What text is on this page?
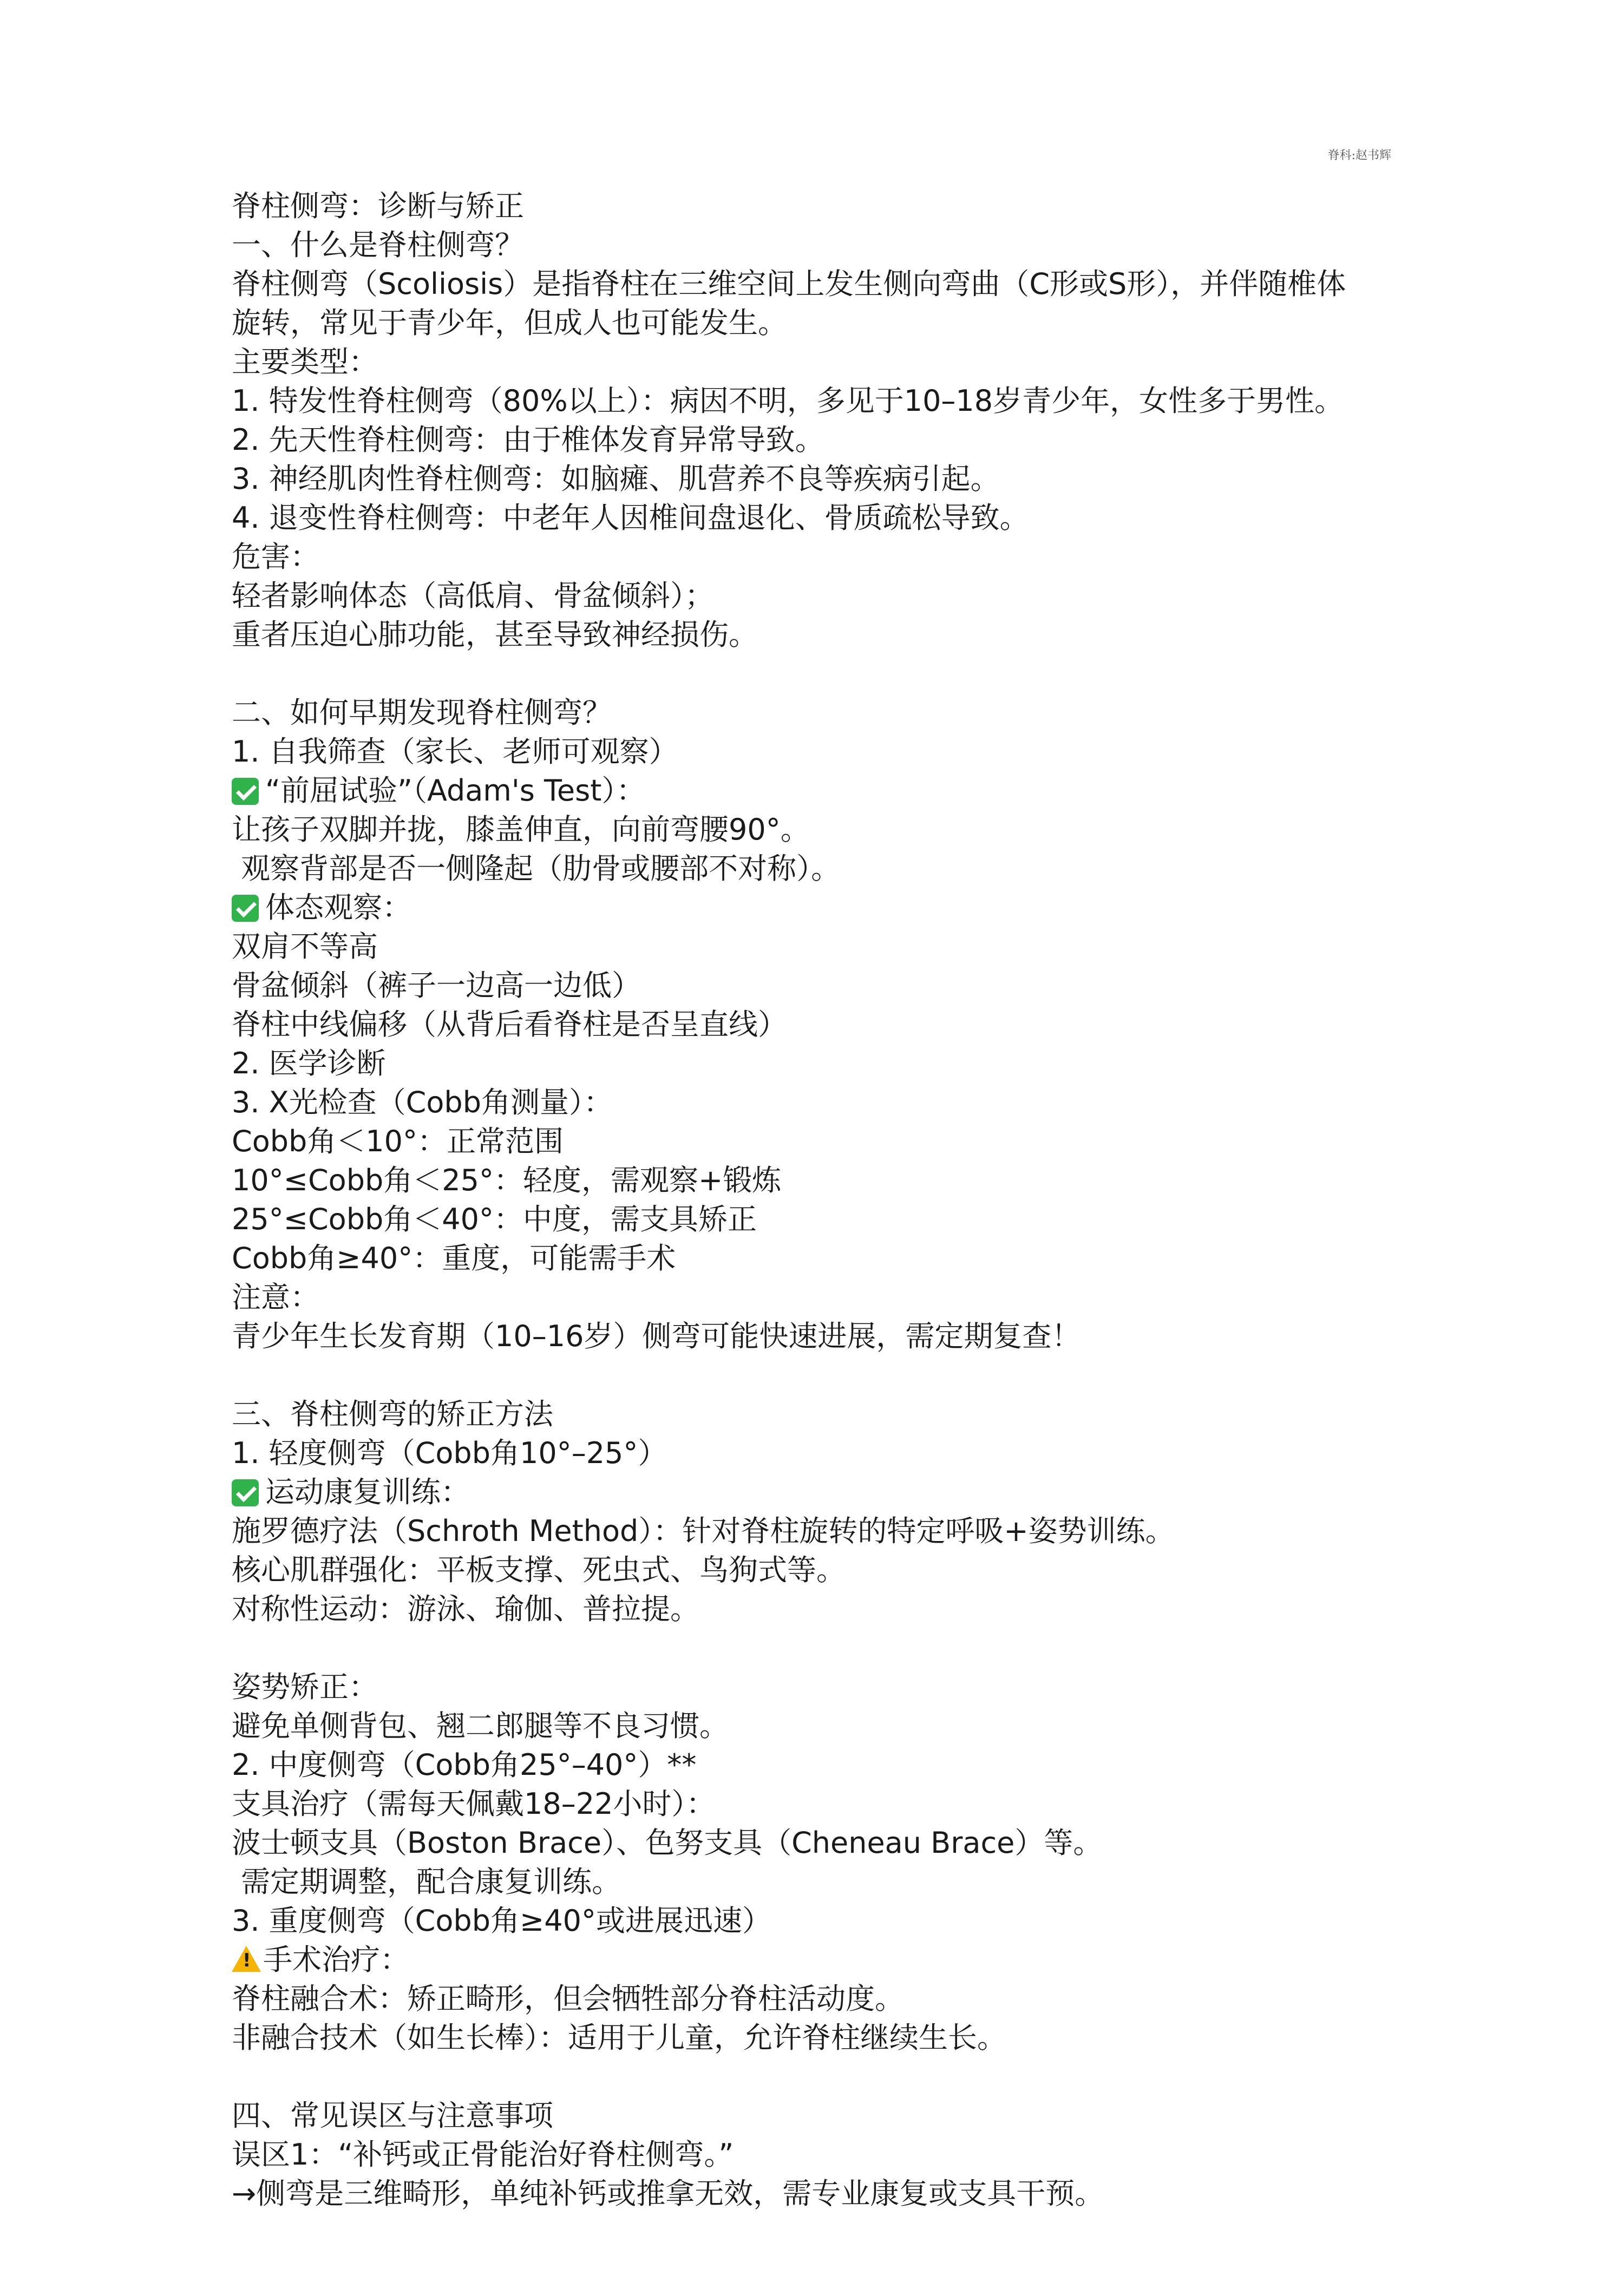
脊科:赵书辉
脊柱侧弯：诊断与矫正
一、什么是脊柱侧弯？
脊柱侧弯（Scoliosis）是指脊柱在三维空间上发生侧向弯曲（C形或S形），并伴随椎体
旋转，常见于青少年，但成人也可能发生。
主要类型：
1. 特发性脊柱侧弯（80%以上）：病因不明，多见于10–18岁青少年，女性多于男性。
2. 先天性脊柱侧弯：由于椎体发育异常导致。
3. 神经肌肉性脊柱侧弯：如脑瘫、肌营养不良等疾病引起。
4. 退变性脊柱侧弯：中老年人因椎间盘退化、骨质疏松导致。
危害：
轻者影响体态（高低肩、骨盆倾斜）；
重者压迫心肺功能，甚至导致神经损伤。
二、如何早期发现脊柱侧弯？
1. 自我筛查（家长、老师可观察）
“前屈试验”（Adam's Test）：
让孩子双脚并拢，膝盖伸直，向前弯腰90°。
观察背部是否一侧隆起（肋骨或腰部不对称）。
体态观察：
双肩不等高
骨盆倾斜（裤子一边高一边低）
脊柱中线偏移（从背后看脊柱是否呈直线）
2. 医学诊断
3. X光检查（Cobb角测量）：
Cobb角＜10°：正常范围
10°≤Cobb角＜25°：轻度，需观察+锻炼
25°≤Cobb角＜40°：中度，需支具矫正
Cobb角≥40°：重度，可能需手术
注意：
青少年生长发育期（10–16岁）侧弯可能快速进展，需定期复查！
三、脊柱侧弯的矫正方法
1. 轻度侧弯（Cobb角10°–25°）
运动康复训练：
施罗德疗法（Schroth Method）：针对脊柱旋转的特定呼吸+姿势训练。
核心肌群强化：平板支撑、死虫式、鸟狗式等。
对称性运动：游泳、瑜伽、普拉提。
姿势矫正：
避免单侧背包、翘二郎腿等不良习惯。
2. 中度侧弯（Cobb角25°–40°）**
支具治疗（需每天佩戴18–22小时）：
波士顿支具（Boston Brace）、色努支具（Cheneau Brace）等。
需定期调整，配合康复训练。
3. 重度侧弯（Cobb角≥40°或进展迅速）
!手术治疗：
脊柱融合术：矫正畸形，但会牺牲部分脊柱活动度。
非融合技术（如生长棒）：适用于儿童，允许脊柱继续生长。
四、常见误区与注意事项
误区1：“补钙或正骨能治好脊柱侧弯。”
→侧弯是三维畸形，单纯补钙或推拿无效，需专业康复或支具干预。
